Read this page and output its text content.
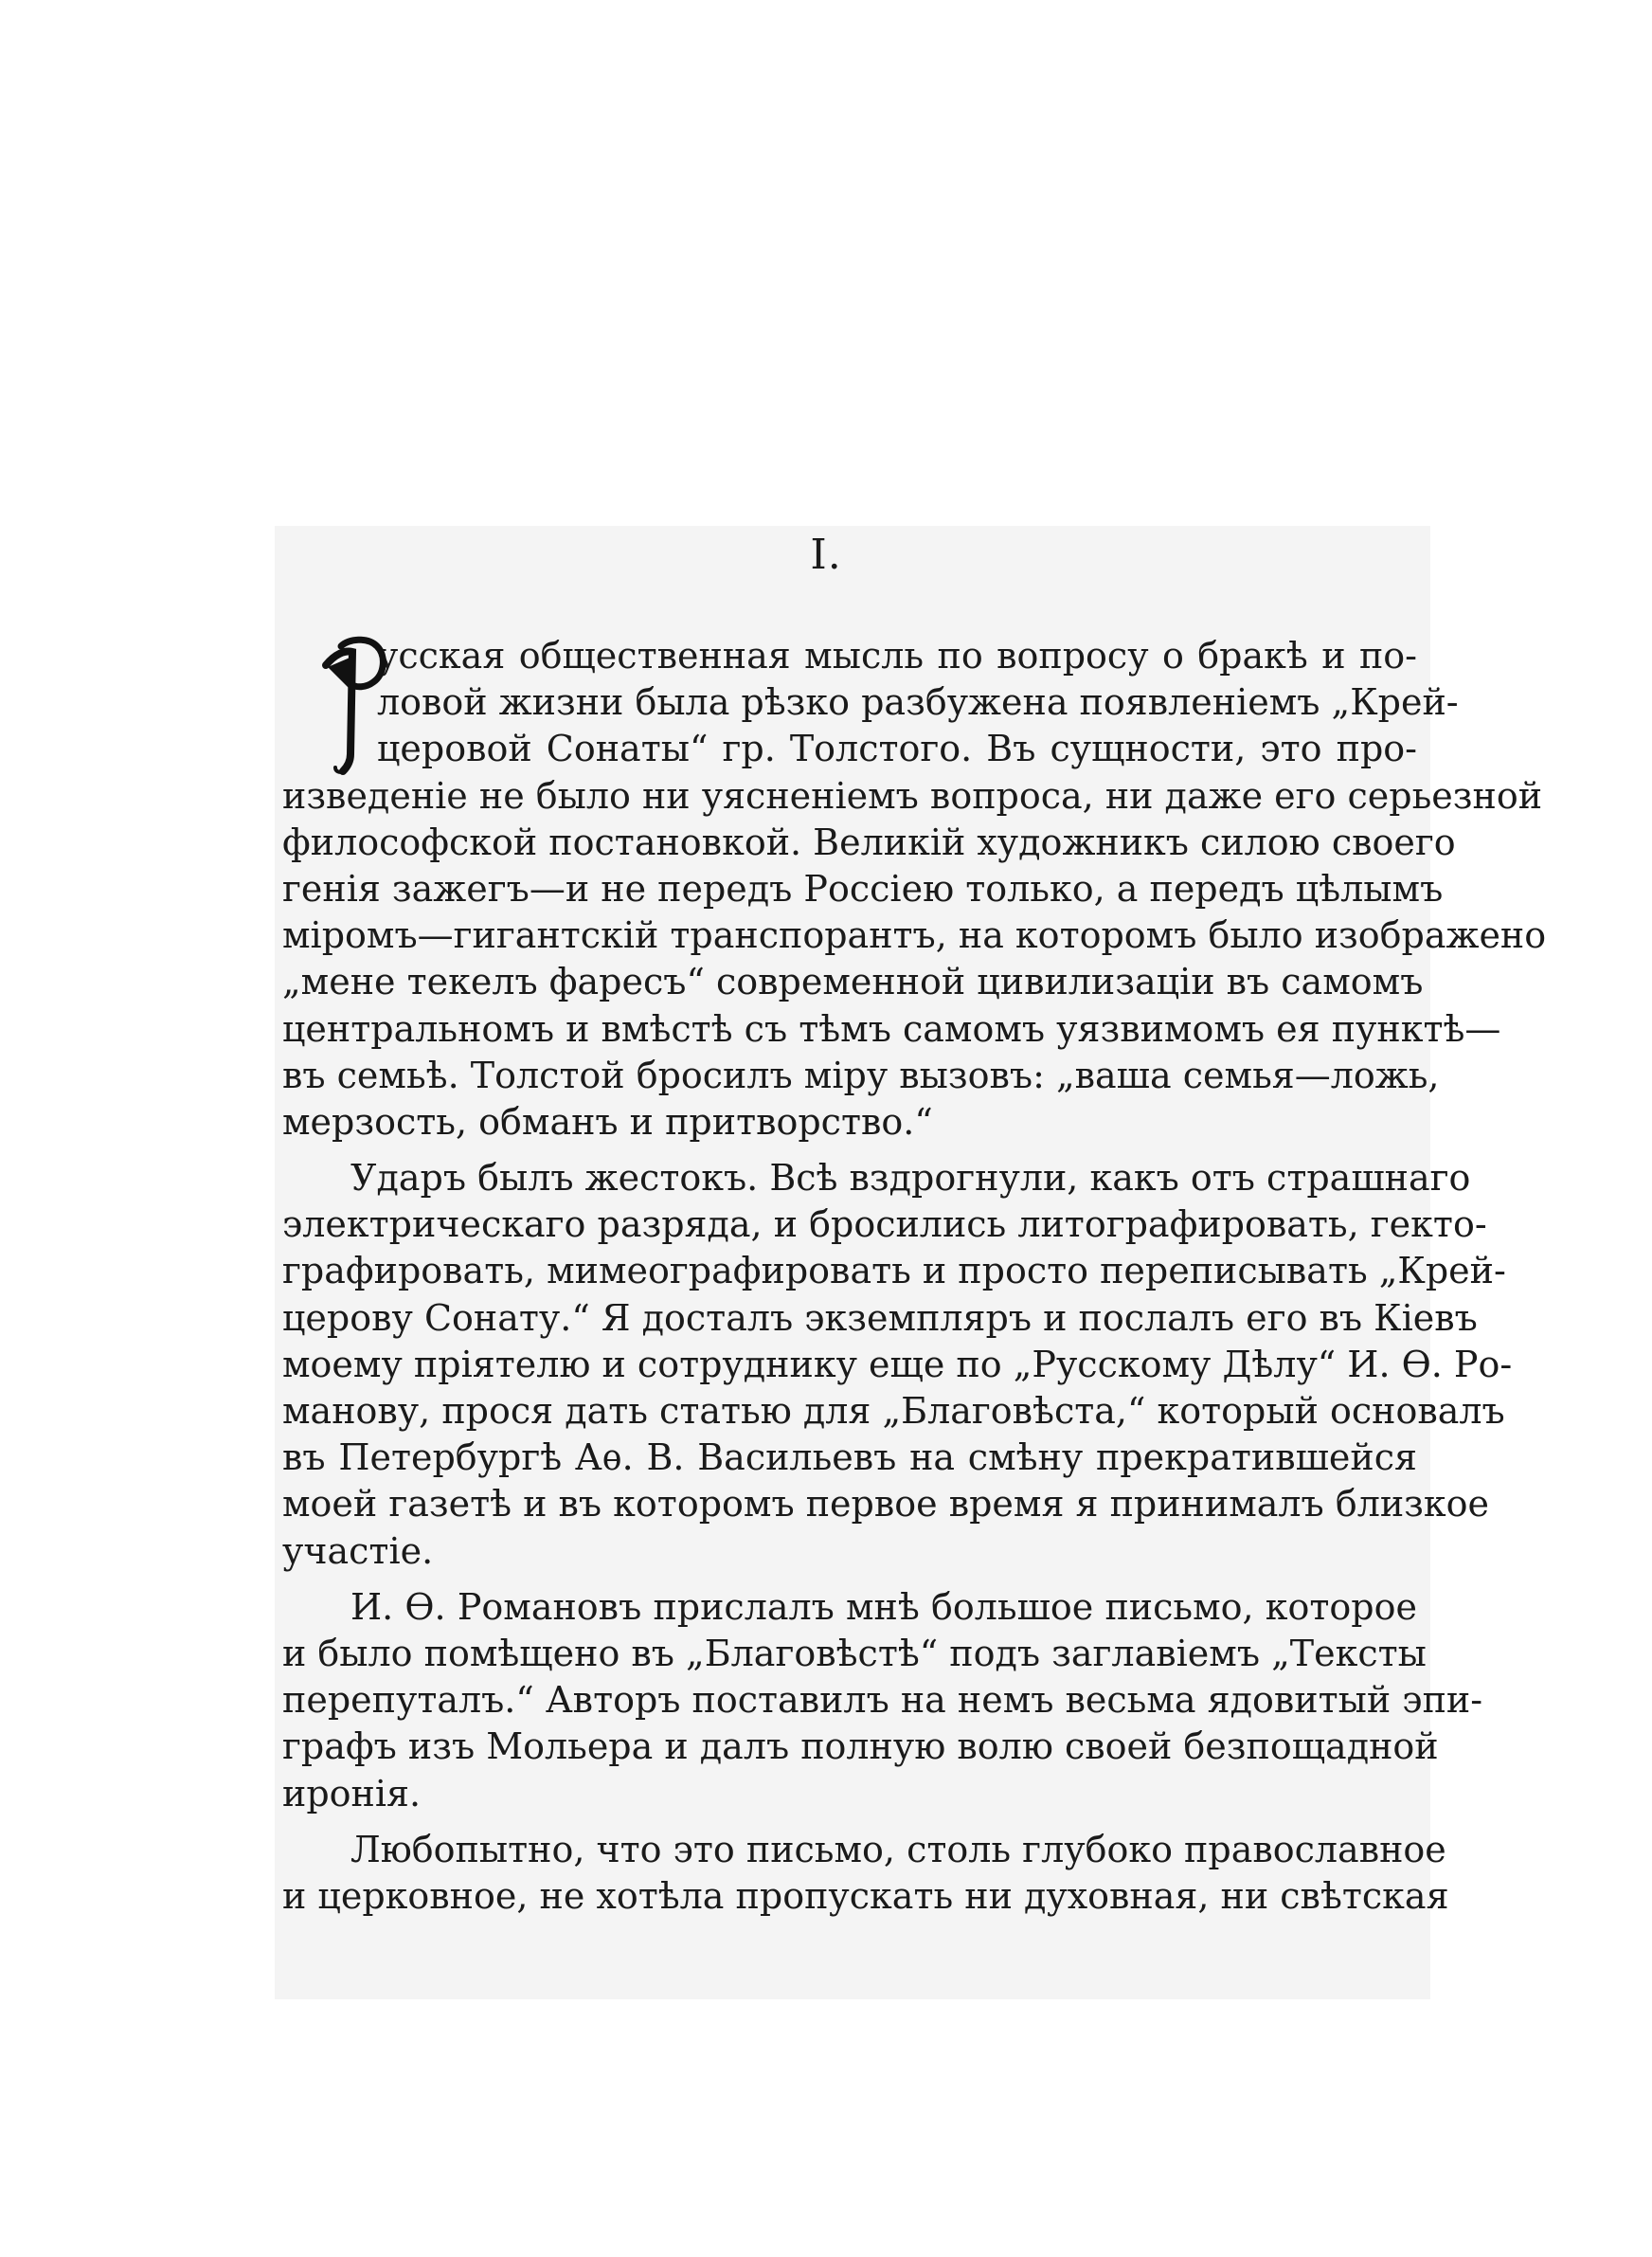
I.
усская общественная мысль по вопросу о бракѣ и по-
ловой жизни была рѣзко разбужена появленіемъ „Крей-
церовой Сонаты“ гр. Толстого. Въ сущности, это про-
изведеніе не было ни уясненіемъ вопроса, ни даже его серьезной
философской постановкой. Великій художникъ силою своего
генія зажегъ—и не передъ Россіею только, а передъ цѣлымъ
міромъ—гигантскій транспорантъ, на которомъ было изображено
„мене текелъ фаресъ“ современной цивилизаціи въ самомъ
центральномъ и вмѣстѣ съ тѣмъ самомъ уязвимомъ ея пунктѣ—
въ семьѣ. Толстой бросилъ міру вызовъ: „ваша семья—ложь,
мерзость, обманъ и притворство.“
Ударъ былъ жестокъ. Всѣ вздрогнули, какъ отъ страшнаго
электрическаго разряда, и бросились литографировать, гекто-
графировать, мимеографировать и просто переписывать „Крей-
церову Сонату.“ Я досталъ экземпляръ и послалъ его въ Кіевъ
моему пріятелю и сотруднику еще по „Русскому Дѣлу“ И. Ѳ. Ро-
манову, прося дать статью для „Благовѣста,“ который основалъ
въ Петербургѣ Аѳ. В. Васильевъ на смѣну прекратившейся
моей газетѣ и въ которомъ первое время я принималъ близкое
участіе.
И. Ѳ. Романовъ прислалъ мнѣ большое письмо, которое
и было помѣщено въ „Благовѣстѣ“ подъ заглавіемъ „Тексты
перепуталъ.“ Авторъ поставилъ на немъ весьма ядовитый эпи-
графъ изъ Мольера и далъ полную волю своей безпощадной
иронія.
Любопытно, что это письмо, столь глубоко православное
и церковное, не хотѣла пропускать ни духовная, ни свѣтская
